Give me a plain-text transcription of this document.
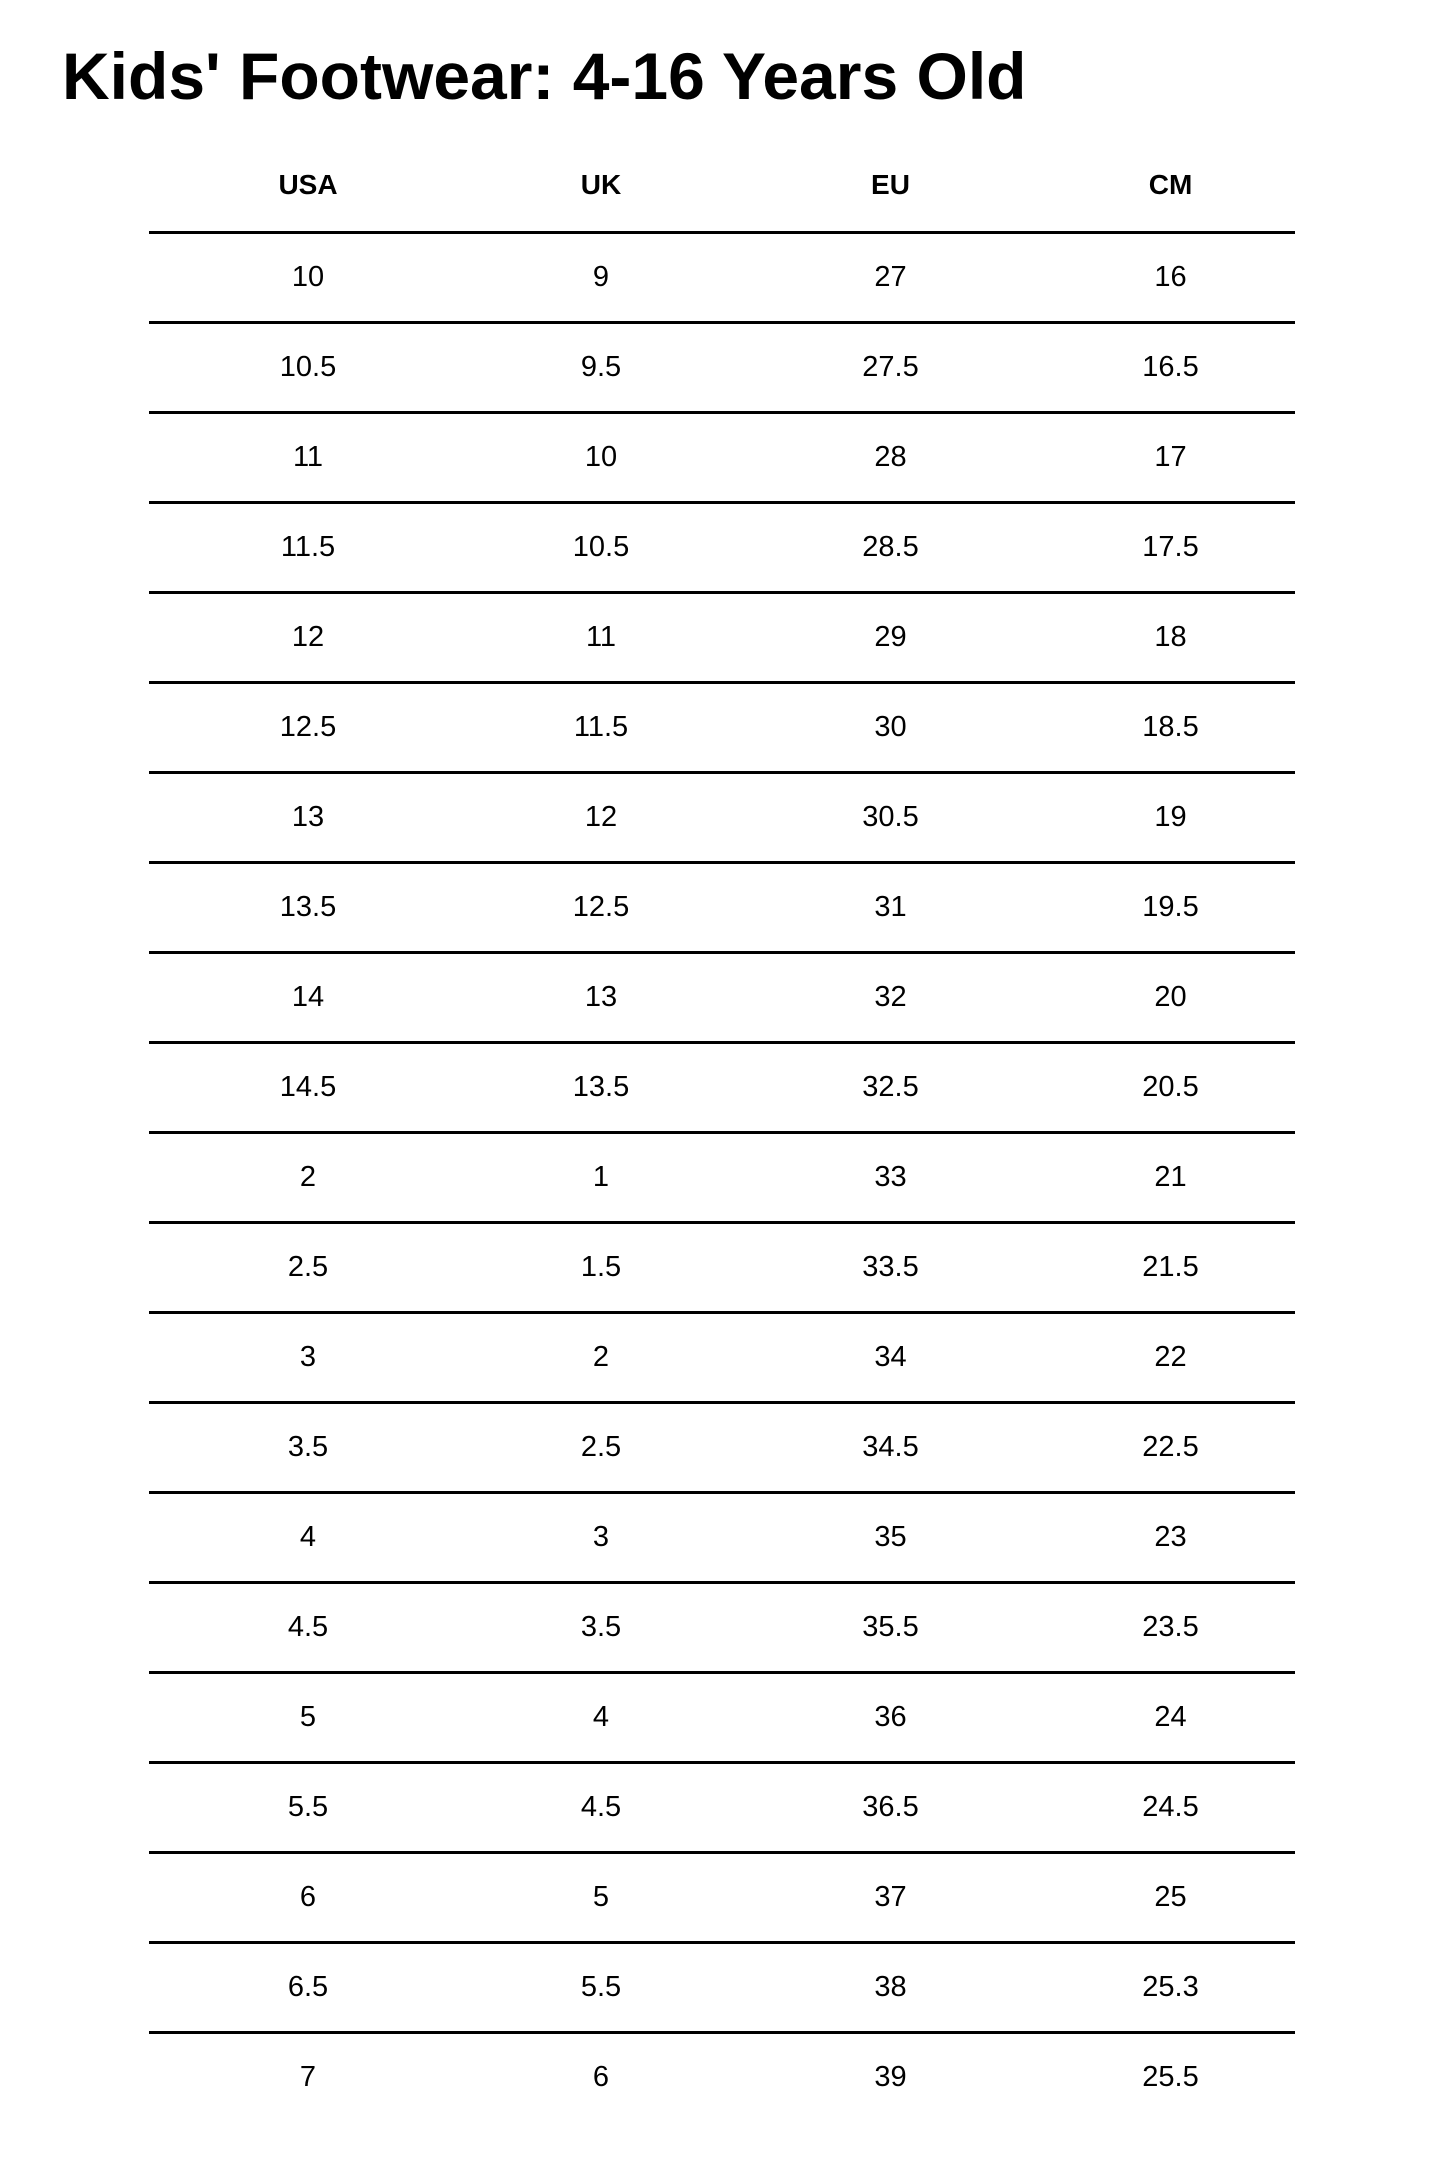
Kids' Footwear: 4-16 Years Old
USA	UK	EU	CM
10	9	27	16
10.5	9.5	27.5	16.5
11	10	28	17
11.5	10.5	28.5	17.5
12	11	29	18
12.5	11.5	30	18.5
13	12	30.5	19
13.5	12.5	31	19.5
14	13	32	20
14.5	13.5	32.5	20.5
2	1	33	21
2.5	1.5	33.5	21.5
3	2	34	22
3.5	2.5	34.5	22.5
4	3	35	23
4.5	3.5	35.5	23.5
5	4	36	24
5.5	4.5	36.5	24.5
6	5	37	25
6.5	5.5	38	25.3
7	6	39	25.5
